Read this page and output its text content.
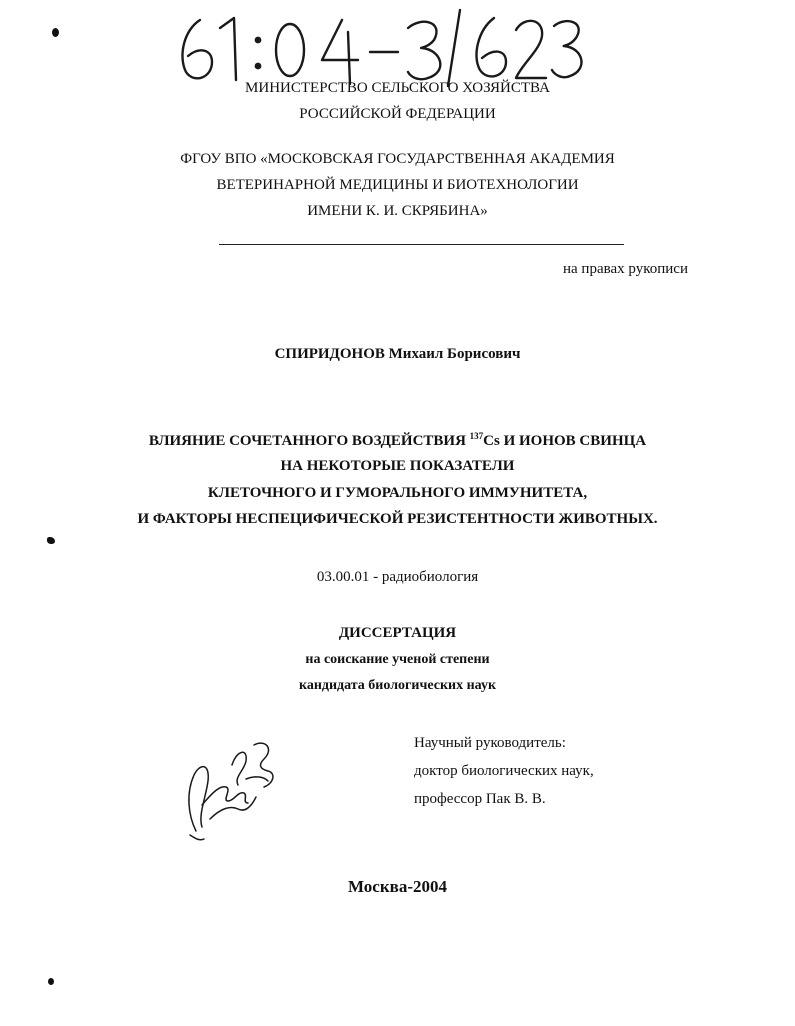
МИНИСТЕРСТВО СЕЛЬСКОГО ХОЗЯЙСТВА
РОССИЙСКОЙ ФЕДЕРАЦИИ
ФГОУ ВПО «МОСКОВСКАЯ ГОСУДАРСТВЕННАЯ АКАДЕМИЯ
ВЕТЕРИНАРНОЙ МЕДИЦИНЫ И БИОТЕХНОЛОГИИ
ИМЕНИ К. И. СКРЯБИНА»
на правах рукописи
СПИРИДОНОВ Михаил Борисович
ВЛИЯНИЕ СОЧЕТАННОГО ВОЗДЕЙСТВИЯ $^{137}$Cs И ИОНОВ СВИНЦА
НА НЕКОТОРЫЕ ПОКАЗАТЕЛИ
КЛЕТОЧНОГО И ГУМОРАЛЬНОГО ИММУНИТЕТА,
И ФАКТОРЫ НЕСПЕЦИФИЧЕСКОЙ РЕЗИСТЕНТНОСТИ ЖИВОТНЫХ.
03.00.01 - радиобиология
ДИССЕРТАЦИЯ
на соискание ученой степени
кандидата биологических наук
Научный руководитель:
доктор биологических наук,
профессор Пак В. В.
Москва-2004
